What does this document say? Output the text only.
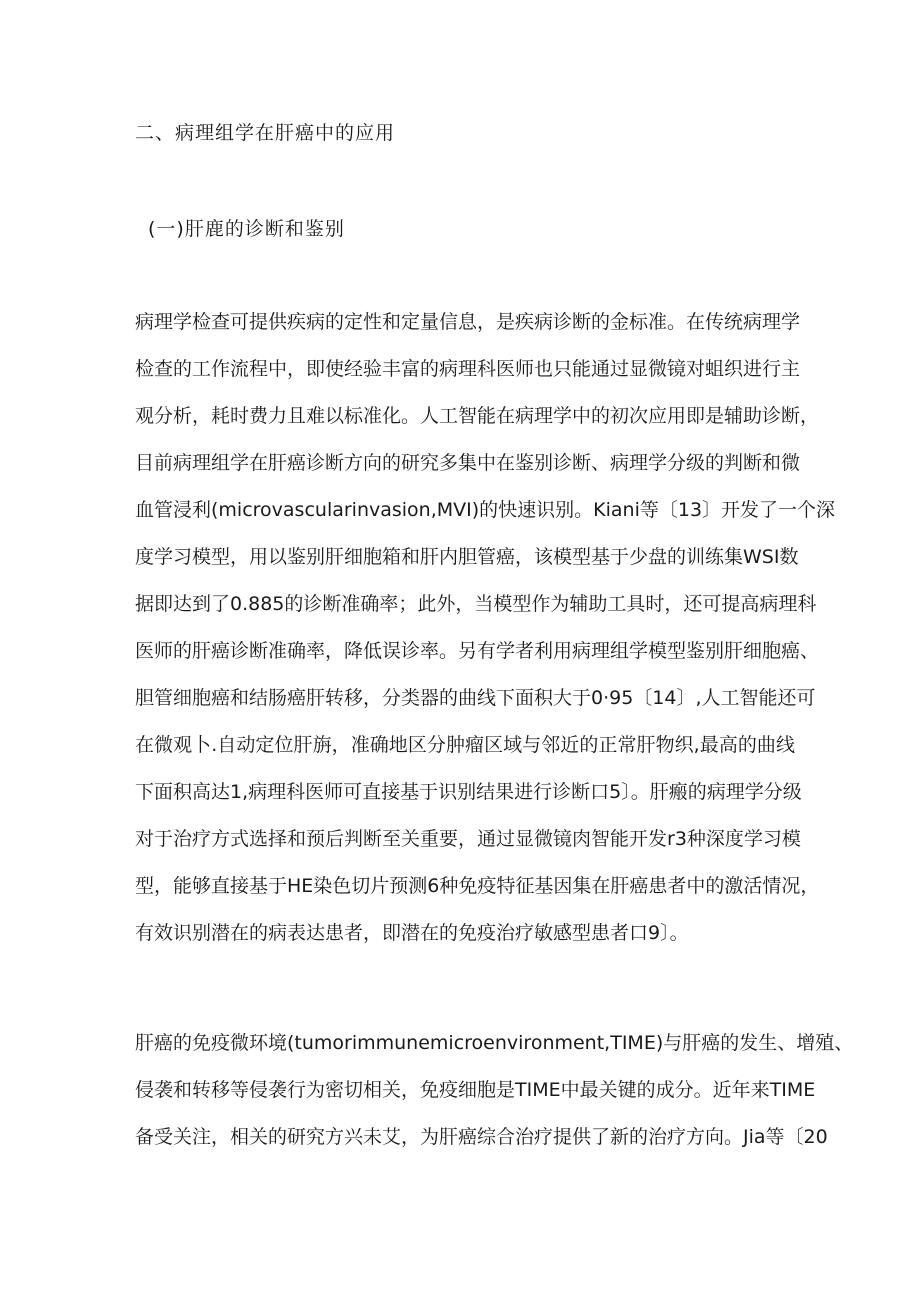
二、病理组学在肝癌中的应用
(一)肝鹿的诊断和鉴别
病理学检查可提供疾病的定性和定量信息，是疾病诊断的金标准。在传统病理学
检查的工作流程中，即使经验丰富的病理科医师也只能通过显微镜对蛆织进行主
观分析，耗时费力且难以标准化。人工智能在病理学中的初次应用即是辅助诊断，
目前病理组学在肝癌诊断方向的研究多集中在鉴别诊断、病理学分级的判断和微
血管浸利(microvascularinvasion,MVI)的快速识别。Kiani等〔13〕开发了一个深
度学习模型，用以鉴别肝细胞箱和肝内胆管癌，该模型基于少盘的训练集WSI数
据即达到了0.885的诊断准确率；此外，当模型作为辅助工具时，还可提高病理科
医师的肝癌诊断准确率，降低误诊率。另有学者利用病理组学模型鉴别肝细胞癌、
胆管细胞癌和结肠癌肝转移，分类器的曲线下面积大于0·95〔14〕,人工智能还可
在微观卜.自动定位肝旃，准确地区分肿瘤区域与邻近的正常肝物织,最高的曲线
下面积高达1,病理科医师可直接基于识别结果进行诊断口5〕。肝瘢的病理学分级
对于治疗方式选择和预后判断至关重要，通过显微镜肉智能开发r3种深度学习模
型，能够直接基于HE染色切片预测6种免疫特征基因集在肝癌患者中的激活情况，
有效识别潜在的病表达患者，即潜在的免疫治疗敏感型患者口9〕。
肝癌的免疫微环境(tumorimmunemicroenvironment,TIME)与肝癌的发生、增殖、
侵袭和转移等侵袭行为密切相关，免疫细胞是TIME中最关键的成分。近年来TIME
备受关注，相关的研究方兴未艾，为肝癌综合治疗提供了新的治疗方向。Jia等〔20
